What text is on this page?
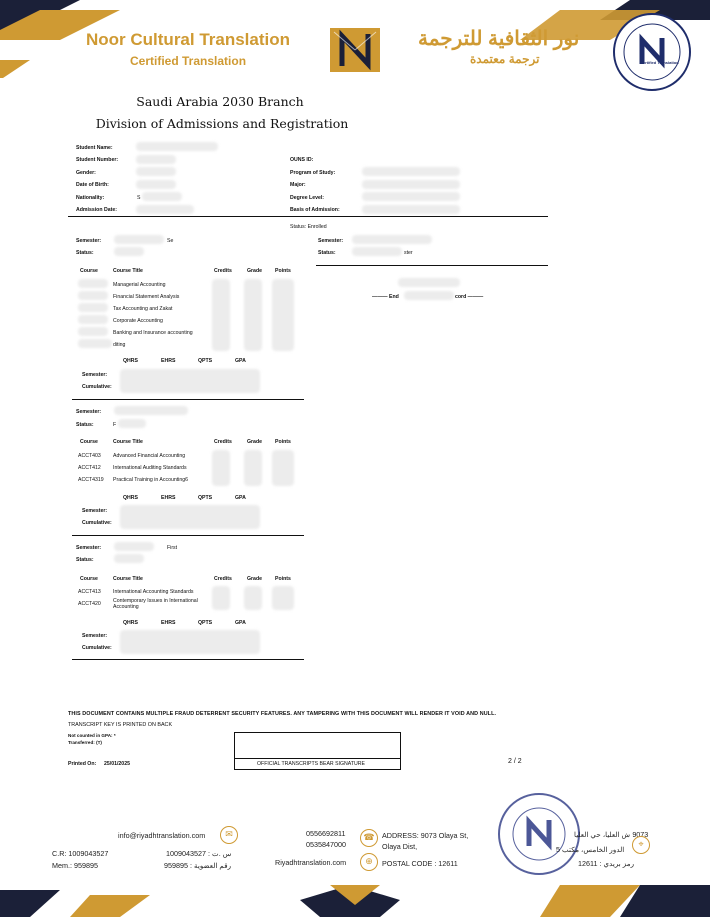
Noor Cultural Translation
Certified Translation
نور الثقافية للترجمة
ترجمة معتمدة	Certified Translation
Saudi Arabia 2030 Branch
Division of Admissions and Registration
Student Name:
Student Number:
Gender:
Date of Birth:
Nationality:	S
Admission Date:
OUNS ID:
Program of Study:
Major:
Degree Level:
Basis of Admission:
Status: Enrolled
Semester:	Se
Status:
Course	Course Title	Credits	Grade	Points
Managerial Accounting
Financial Statement Analysis
Tax Accounting and Zakat
Corporate Accounting
Banking and Insurance accounting
diting
QHRS	EHRS	QPTS	GPA
Semester:
Cumulative:
Semester:
Status:	ster
——— End	cord ———
Semester:
Status:	F
Course	Course Title	Credits	Grade	Points
ACCT403 Advanced Financial Accounting
ACCT412 International Auditing Standards
ACCT4319 Practical Training in Accounting6
QHRS	EHRS	QPTS	GPA
Semester:
Cumulative:
Semester:	First
Status:
Course	Course Title	Credits	Grade	Points
ACCT413 International Accounting Standards
ACCT420 Contemporary Issues in International Accounting
QHRS	EHRS	QPTS	GPA
Semester:
Cumulative:
THIS DOCUMENT CONTAINS MULTIPLE FRAUD DETERRENT SECURITY FEATURES. ANY TAMPERING WITH THIS DOCUMENT WILL RENDER IT VOID AND NULL.
TRANSCRIPT KEY IS PRINTED ON BACK
Not counted in GPA: *
Transferred: (T)
Printed On: 25/01/2025	OFFICIAL TRANSCRIPTS BEAR SIGNATURE	2 / 2
C.R: 1009043527
Mem.: 959895
س .ت : 1009043527
رقم العضوية : 959895
info@riyadhtranslation.com	✉	0556692811
0535847000
☎
Riyadhtranslation.com	⊕
ADDRESS: 9073 Olaya St,
Olaya Dist,
POSTAL CODE : 12611
9073 ش العليا، حي العليا
الدور الخامس، مكتب 5
رمز بريدي : 12611
⌖
